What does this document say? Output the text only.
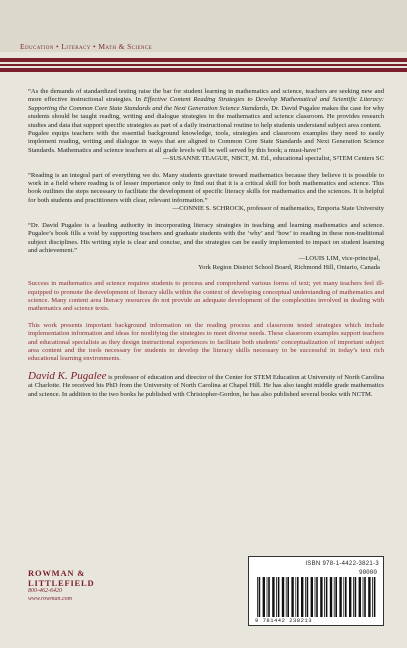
Education • Literacy • Math & Science

“As the demands of standardized testing raise the bar for student learning in mathematics and science, teachers are seeking new and more effective instructional strategies. In Effective Content Reading Strategies to Develop Mathematical and Scientific Literacy: Supporting the Common Core State Standards and the Next Generation Science Standards, Dr. David Pugalee makes the case for why students should be taught reading, writing and dialogue strategies in the mathematics and science classroom. He provides research studies and data that support specific strategies as part of a daily instructional routine to help students understand subject area content.

Pugalee equips teachers with the essential background knowledge, tools, strategies and classroom examples they need to easily implement reading, writing and dialogue in ways that are aligned to Common Core State Standards and Next Generation Science Standards. Mathematics and science teachers at all grade levels will be well served by this book; a must-have!”

—SUSANNE TEAGUE, NBCT, M. Ed., educational specialist, S²TEM Centers SC

“Reading is an integral part of everything we do. Many students gravitate toward mathematics because they believe it is possible to work in a field where reading is of lesser importance only to find out that it is a critical skill for both mathematics and science. This book outlines the steps necessary to facilitate the development of specific literacy skills for mathematics and the sciences. It is helpful for both students and practitioners with clear, relevant information.”

—CONNIE S. SCHROCK, professor of mathematics, Emporia State University

“Dr. David Pugalee is a leading authority in incorporating literacy strategies in teaching and learning mathematics and science. Pugalee’s book fills a void by supporting teachers and graduate students with the ‘why’ and ‘how’ to reading in these non-traditional subject disciplines. His writing style is clear and concise, and the strategies can be easily implemented to impact on student learning and achievement.”

—LOUIS LIM, vice-principal,

York Region District School Board, Richmond Hill, Ontario, Canada

Success in mathematics and science requires students to process and comprehend various forms of text; yet many teachers feel ill-equipped to promote the development of literacy skills within the context of developing conceptual understanding of mathematics and science. Many content area literacy resources do not provide an adequate development of the complexities involved in dealing with mathematics and science texts.

This work presents important background information on the reading process and classroom tested strategies which include implementation information and ideas for modifying the strategies to meet diverse needs. These classroom examples support teachers and educational specialists as they design instructional experiences to facilitate both students’ conceptualization of important subject area content and the tools necessary for students to develop the literacy skills necessary to be successful in today’s text rich educational learning environments.

David K. Pugalee is professor of education and director of the Center for STEM Education at University of North Carolina at Charlotte. He received his PhD from the University of North Carolina at Chapel Hill. He has also taught middle grade mathematics and science. In addition to the two books he published with Christopher-Gordon, he has also published several books with NCTM.

ROWMAN &
LITTLEFIELD
800-462-6420
www.rowman.com
ISBN 978-1-4422-3821-3
90000
9 781442 238213
